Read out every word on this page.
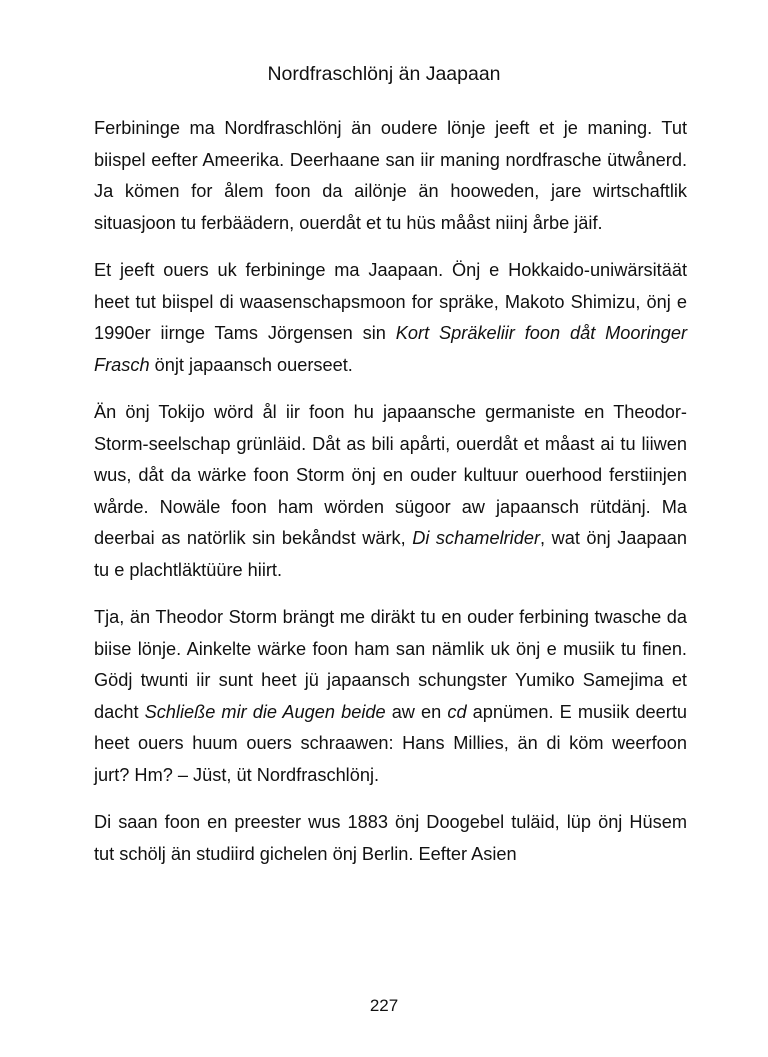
Nordfraschlönj än Jaapaan

Ferbininge ma Nordfraschlönj än oudere lönje jeeft et je maning. Tut biispel eefter Ameerika. Deerhaane san iir maning nordfrasche ütwånerd. Ja kömen for ålem foon da ailönje än hooweden, jare wirtschaftlik situasjoon tu ferbäädern, ouerdåt et tu hüs mååst niinj årbe jäif.

Et jeeft ouers uk ferbininge ma Jaapaan. Önj e Hokkaido-uniwärsitäät heet tut biispel di waasenschapsmoon for spräke, Makoto Shimizu, önj e 1990er iirnge Tams Jörgensen sin Kort Spräkeliir foon dåt Mooringer Frasch önjt japaansch ouerseet.

Än önj Tokijo wörd ål iir foon hu japaansche germaniste en Theodor-Storm-seelschap grünläid. Dåt as bili apårti, ouerdåt et måast ai tu liiwen wus, dåt da wärke foon Storm önj en ouder kultuur ouerhood ferstiinjen wårde. Nowäle foon ham wörden sügoor aw japaansch rütdänj. Ma deerbai as natörlik sin bekåndst wärk, Di schamelrider, wat önj Jaapaan tu e plachtläktüüre hiirt.

Tja, än Theodor Storm brängt me diräkt tu en ouder ferbining twasche da biise lönje. Ainkelte wärke foon ham san nämlik uk önj e musiik tu finen. Gödj twunti iir sunt heet jü japaansch schungster Yumiko Samejima et dacht Schließe mir die Augen beide aw en cd apnümen. E musiik deertu heet ouers huum ouers schraawen: Hans Millies, än di köm weerfoon jurt? Hm? – Jüst, üt Nordfraschlönj.

Di saan foon en preester wus 1883 önj Doogebel tuläid, lüp önj Hüsem tut schölj än studiird gichelen önj Berlin. Eefter Asien

227
